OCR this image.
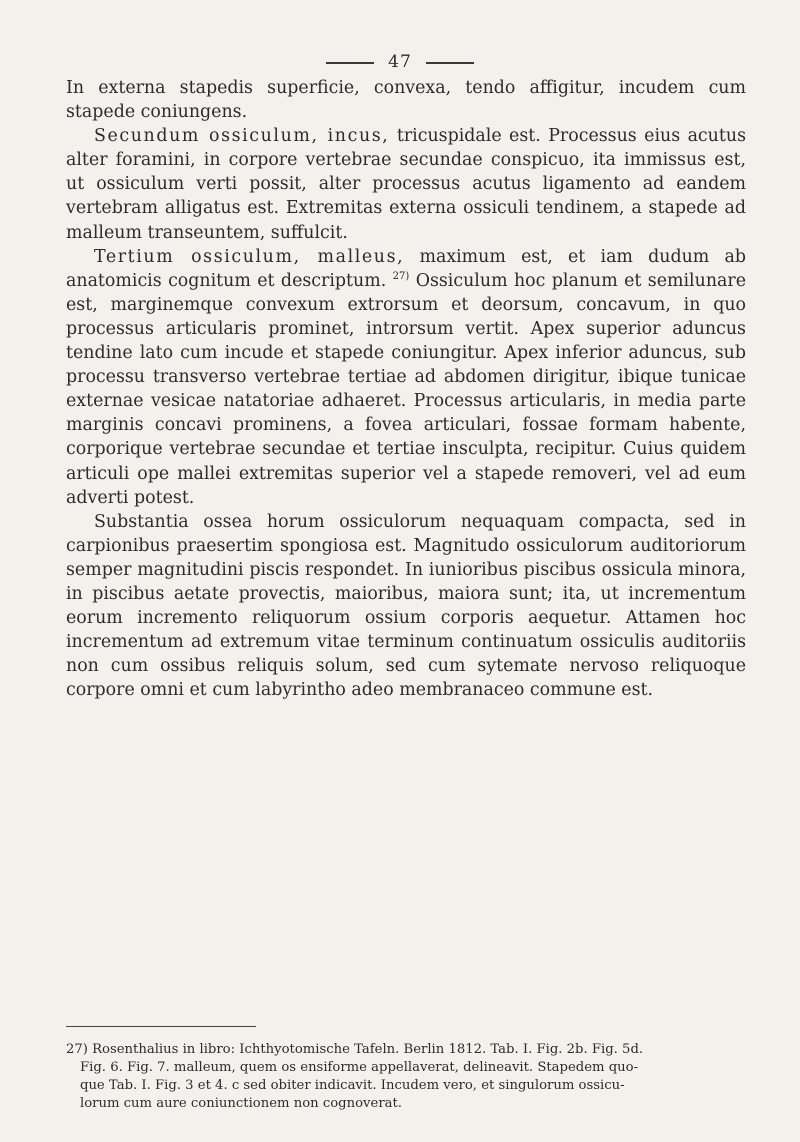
47

In externa stapedis superficie, convexa, tendo affigitur, incudem cum stapede coniungens.

Secundum ossiculum, incus, tricuspidale est. Processus eius acutus alter foramini, in corpore vertebrae secundae conspicuo, ita immissus est, ut ossiculum verti possit, alter processus acutus ligamento ad eandem vertebram alligatus est. Extremitas externa ossiculi tendinem, a stapede ad malleum transeuntem, suffulcit.

Tertium ossiculum, malleus, maximum est, et iam dudum ab anatomicis cognitum et descriptum. $^{27)}$ Ossiculum hoc planum et semilunare est, marginemque convexum extrorsum et deorsum, concavum, in quo processus articularis prominet, introrsum vertit. Apex superior aduncus tendine lato cum incude et stapede coniungitur. Apex inferior aduncus, sub processu transverso vertebrae tertiae ad abdomen dirigitur, ibique tunicae externae vesicae natatoriae adhaeret. Processus articularis, in media parte marginis concavi prominens, a fovea articulari, fossae formam habente, corporique vertebrae secundae et tertiae insculpta, recipitur. Cuius quidem articuli ope mallei extremitas superior vel a stapede removeri, vel ad eum adverti potest.

Substantia ossea horum ossiculorum nequaquam compacta, sed in carpionibus praesertim spongiosa est. Magnitudo ossiculorum auditoriorum semper magnitudini piscis respondet. In iunioribus piscibus ossicula minora, in piscibus aetate provectis, maioribus, maiora sunt; ita, ut incrementum eorum incremento reliquorum ossium corporis aequetur. Attamen hoc incrementum ad extremum vitae terminum continuatum ossiculis auditoriis non cum ossibus reliquis solum, sed cum sytemate nervoso reliquoque corpore omni et cum labyrintho adeo membranaceo commune est.

27) Rosenthalius in libro: Ichthyotomische Tafeln. Berlin 1812. Tab. I. Fig. 2b. Fig. 5d.
Fig. 6. Fig. 7. malleum, quem os ensiforme appellaverat, delineavit. Stapedem quo-
que Tab. I. Fig. 3 et 4. c sed obiter indicavit. Incudem vero, et singulorum ossicu-
lorum cum aure coniunctionem non cognoverat.
